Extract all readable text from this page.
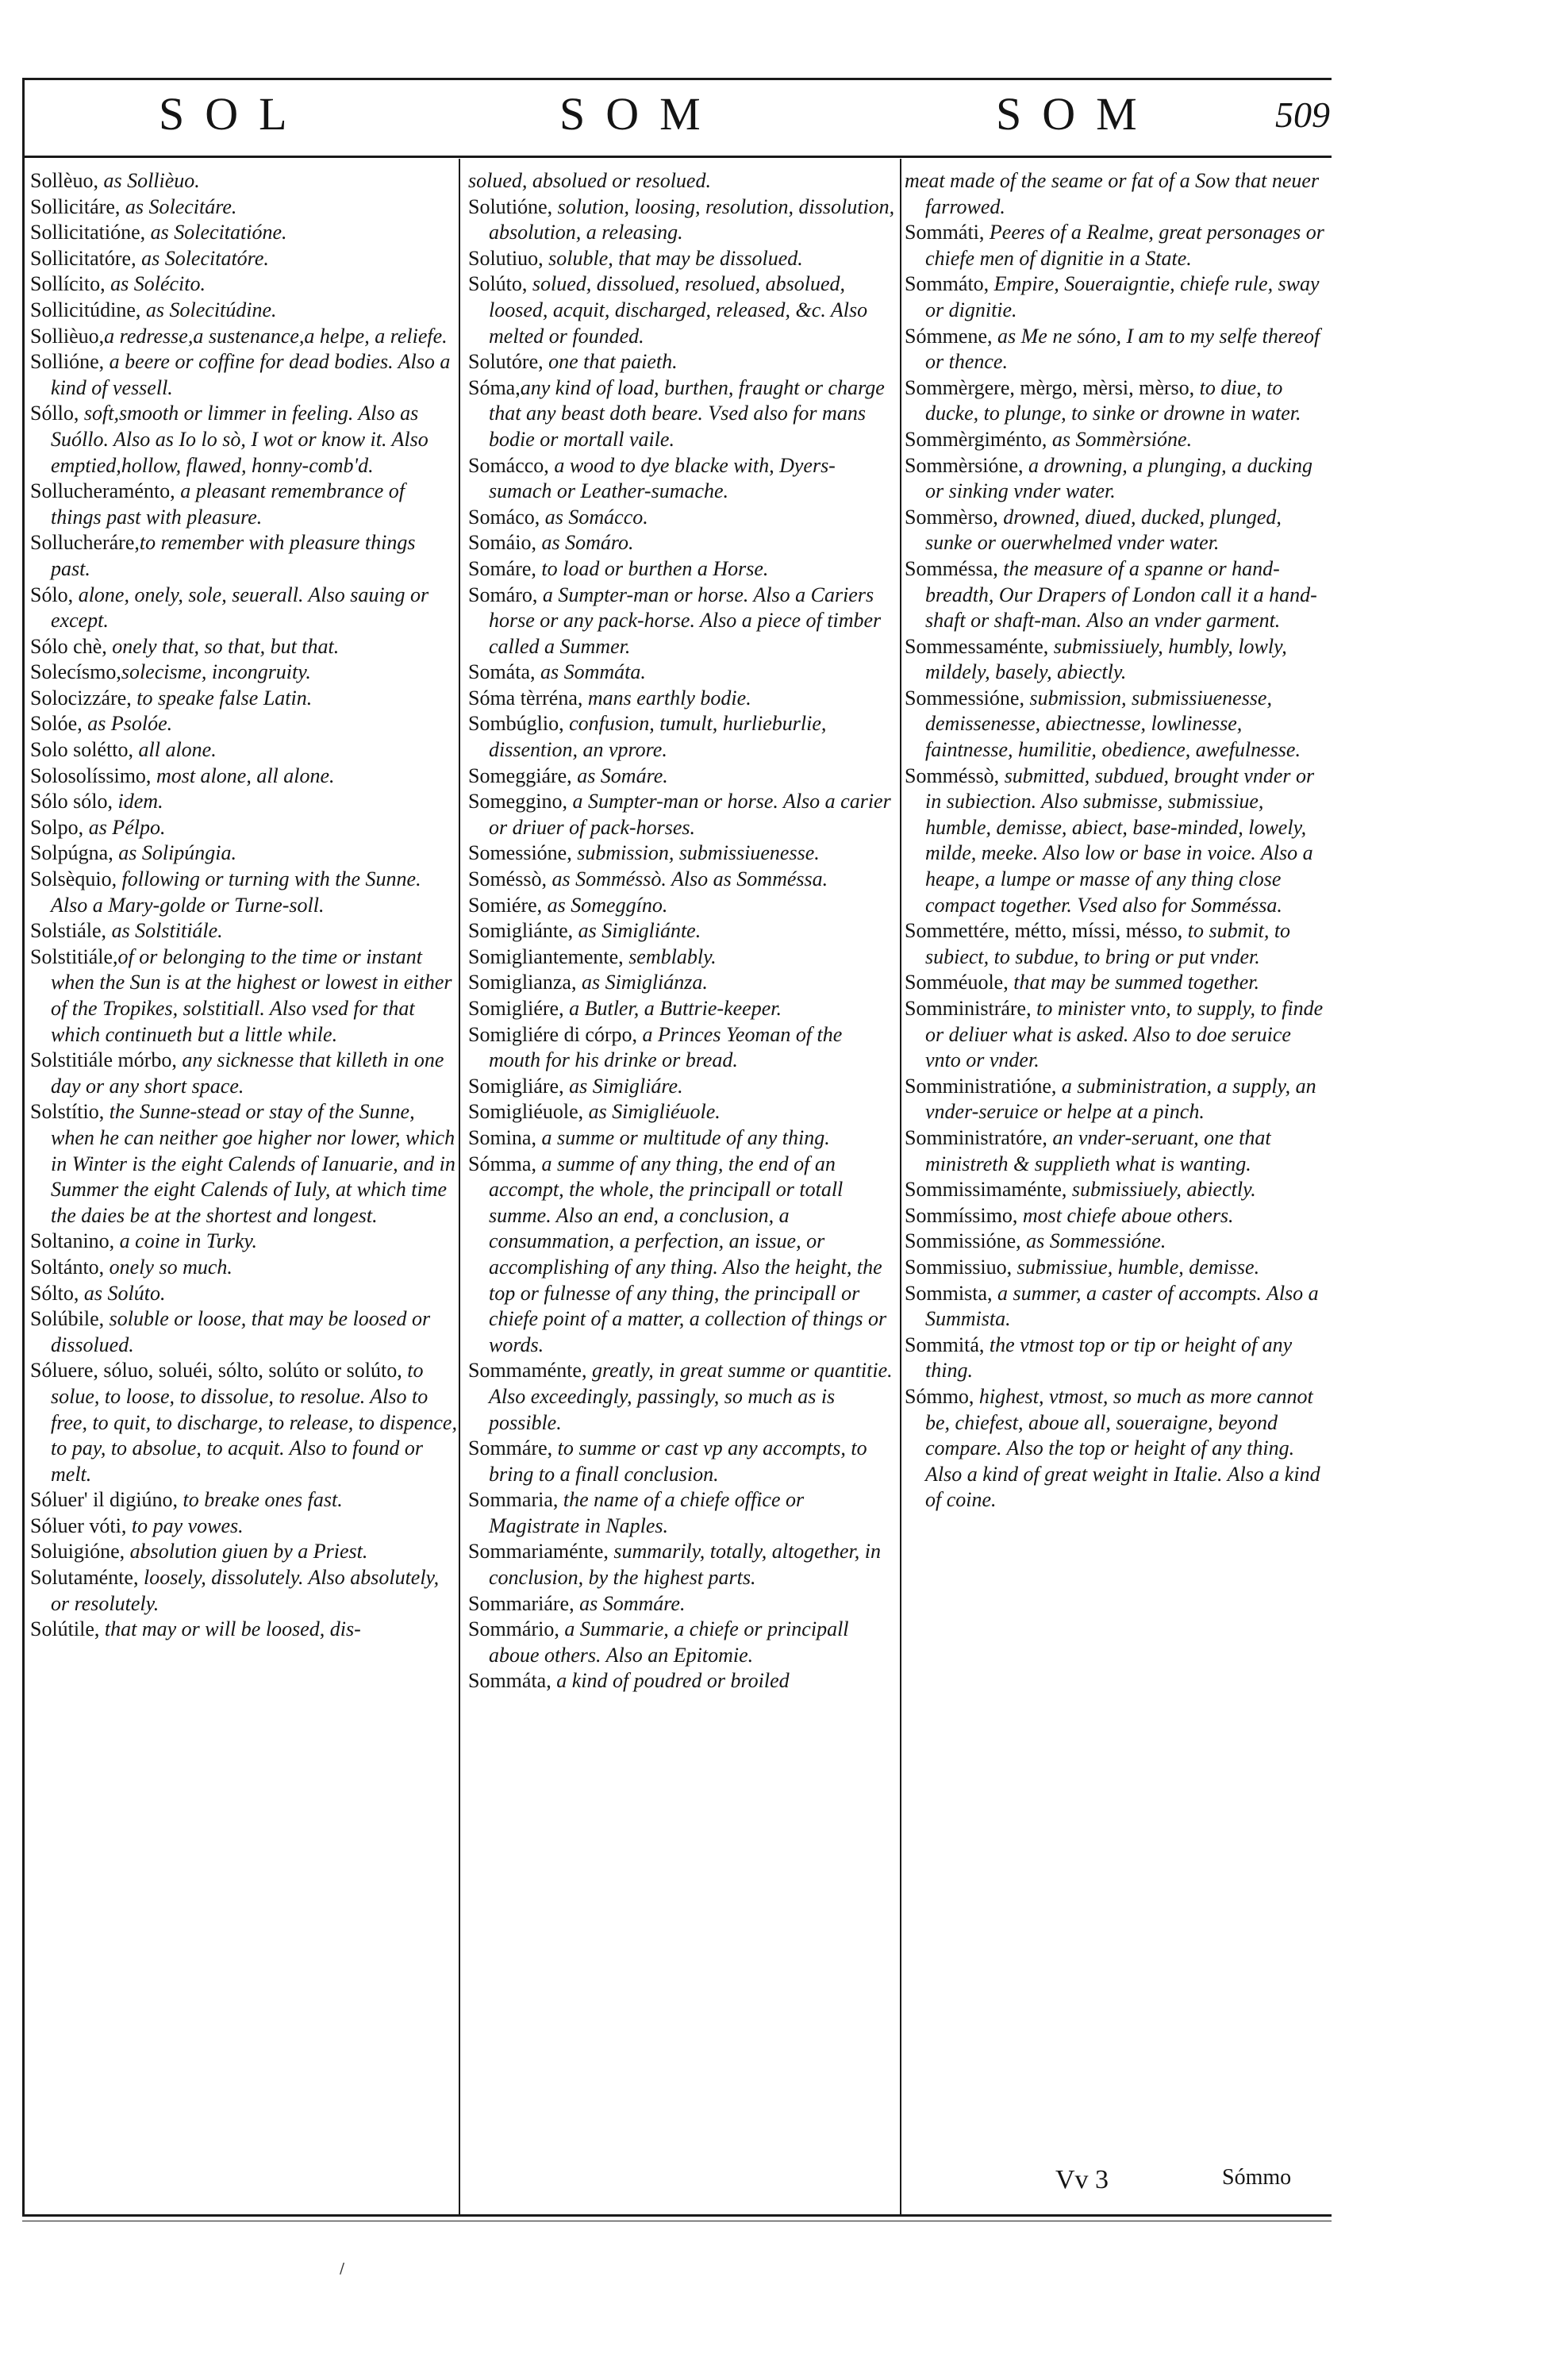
SOL	SOM	SOM	509

Sollèuo, as Sollièuo.

Sollicitáre, as Solecitáre.

Sollicitatióne, as Solecitatióne.

Sollicitatóre, as Solecitatóre.

Sollícito, as Solécito.

Sollicitúdine, as Solecitúdine.

Sollièuo,a redresse,a sustenance,a helpe, a reliefe.

Sollióne, a beere or coffine for dead bodies. Also a kind of vessell.

Sóllo, soft,smooth or limmer in feeling. Also as Suóllo. Also as Io lo sò, I wot or know it. Also emptied,hollow, flawed, honny-comb'd.

Sollucheraménto, a pleasant remembrance of things past with pleasure.

Sollucheráre,to remember with pleasure things past.

Sólo, alone, onely, sole, seuerall. Also sauing or except.

Sólo chè, onely that, so that, but that.

Solecísmo,solecisme, incongruity.

Solocizzáre, to speake false Latin.

Solóe, as Psolóe.

Solo solétto, all alone.

Solosolíssimo, most alone, all alone.

Sólo sólo, idem.

Solpo, as Pélpo.

Solpúgna, as Solipúngia.

Solsèquio, following or turning with the Sunne. Also a Mary-golde or Turne-soll.

Solstiále, as Solstitiále.

Solstitiále,of or belonging to the time or instant when the Sun is at the highest or lowest in either of the Tropikes, solstitiall. Also vsed for that which continueth but a little while.

Solstitiále mórbo, any sicknesse that killeth in one day or any short space.

Solstítio, the Sunne-stead or stay of the Sunne, when he can neither goe higher nor lower, which in Winter is the eight Calends of Ianuarie, and in Summer the eight Calends of Iuly, at which time the daies be at the shortest and longest.

Soltanino, a coine in Turky.

Soltánto, onely so much.

Sólto, as Solúto.

Solúbile, soluble or loose, that may be loosed or dissolued.

Sóluere, sóluo, soluéi, sólto, solúto or solúto, to solue, to loose, to dissolue, to resolue. Also to free, to quit, to discharge, to release, to dispence, to pay, to absolue, to acquit. Also to found or melt.

Sóluer' il digiúno, to breake ones fast.

Sóluer vóti, to pay vowes.

Soluigióne, absolution giuen by a Priest.

Solutaménte, loosely, dissolutely. Also absolutely, or resolutely.

Solútile, that may or will be loosed, dis-

solued, absolued or resolued.

Solutióne, solution, loosing, resolution, dissolution, absolution, a releasing.

Solutiuo, soluble, that may be dissolued.

Solúto, solued, dissolued, resolued, absolued, loosed, acquit, discharged, released, &c. Also melted or founded.

Solutóre, one that paieth.

Sóma,any kind of load, burthen, fraught or charge that any beast doth beare. Vsed also for mans bodie or mortall vaile.

Somácco, a wood to dye blacke with, Dyers-sumach or Leather-sumache.

Somáco, as Somácco.

Somáio, as Somáro.

Somáre, to load or burthen a Horse.

Somáro, a Sumpter-man or horse. Also a Cariers horse or any pack-horse. Also a piece of timber called a Summer.

Somáta, as Sommáta.

Sóma tèrréna, mans earthly bodie.

Sombúglio, confusion, tumult, hurlieburlie, dissention, an vprore.

Someggiáre, as Somáre.

Someggino, a Sumpter-man or horse. Also a carier or driuer of pack-horses.

Somessióne, submission, submissiuenesse.

Soméssò, as Somméssò. Also as Somméssa.

Somiére, as Someggíno.

Somigliánte, as Simigliánte.

Somigliantemente, semblably.

Somiglianza, as Simigliánza.

Somigliére, a Butler, a Buttrie-keeper.

Somigliére di córpo, a Princes Yeoman of the mouth for his drinke or bread.

Somigliáre, as Simigliáre.

Somigliéuole, as Simigliéuole.

Somina, a summe or multitude of any thing.

Sómma, a summe of any thing, the end of an accompt, the whole, the principall or totall summe. Also an end, a conclusion, a consummation, a perfection, an issue, or accomplishing of any thing. Also the height, the top or fulnesse of any thing, the principall or chiefe point of a matter, a collection of things or words.

Sommaménte, greatly, in great summe or quantitie. Also exceedingly, passingly, so much as is possible.

Sommáre, to summe or cast vp any accompts, to bring to a finall conclusion.

Sommaria, the name of a chiefe office or Magistrate in Naples.

Sommariaménte, summarily, totally, altogether, in conclusion, by the highest parts.

Sommariáre, as Sommáre.

Sommário, a Summarie, a chiefe or principall aboue others. Also an Epitomie.

Sommáta, a kind of poudred or broiled

meat made of the seame or fat of a Sow that neuer farrowed.

Sommáti, Peeres of a Realme, great personages or chiefe men of dignitie in a State.

Sommáto, Empire, Soueraigntie, chiefe rule, sway or dignitie.

Sómmene, as Me ne sóno, I am to my selfe thereof or thence.

Sommèrgere, mèrgo, mèrsi, mèrso, to diue, to ducke, to plunge, to sinke or drowne in water.

Sommèrgiménto, as Sommèrsióne.

Sommèrsióne, a drowning, a plunging, a ducking or sinking vnder water.

Sommèrso, drowned, diued, ducked, plunged, sunke or ouerwhelmed vnder water.

Somméssa, the measure of a spanne or hand-breadth, Our Drapers of London call it a hand-shaft or shaft-man. Also an vnder garment.

Sommessaménte, submissiuely, humbly, lowly, mildely, basely, abiectly.

Sommessióne, submission, submissiuenesse, demissenesse, abiectnesse, lowlinesse, faintnesse, humilitie, obedience, awefulnesse.

Somméssò, submitted, subdued, brought vnder or in subiection. Also submisse, submissiue, humble, demisse, abiect, base-minded, lowely, milde, meeke. Also low or base in voice. Also a heape, a lumpe or masse of any thing close compact together. Vsed also for Somméssa.

Sommettére, métto, míssi, mésso, to submit, to subiect, to subdue, to bring or put vnder.

Somméuole, that may be summed together.

Somministráre, to minister vnto, to supply, to finde or deliuer what is asked. Also to doe seruice vnto or vnder.

Somministratióne, a subministration, a supply, an vnder-seruice or helpe at a pinch.

Somministratóre, an vnder-seruant, one that ministreth & supplieth what is wanting.

Sommissimaménte, submissiuely, abiectly.

Sommíssimo, most chiefe aboue others.

Sommissióne, as Sommessióne.

Sommissiuo, submissiue, humble, demisse.

Sommista, a summer, a caster of accompts. Also a Summista.

Sommitá, the vtmost top or tip or height of any thing.

Sómmo, highest, vtmost, so much as more cannot be, chiefest, aboue all, soueraigne, beyond compare. Also the top or height of any thing. Also a kind of great weight in Italie. Also a kind of coine.

Vv 3	Sómmo
/
